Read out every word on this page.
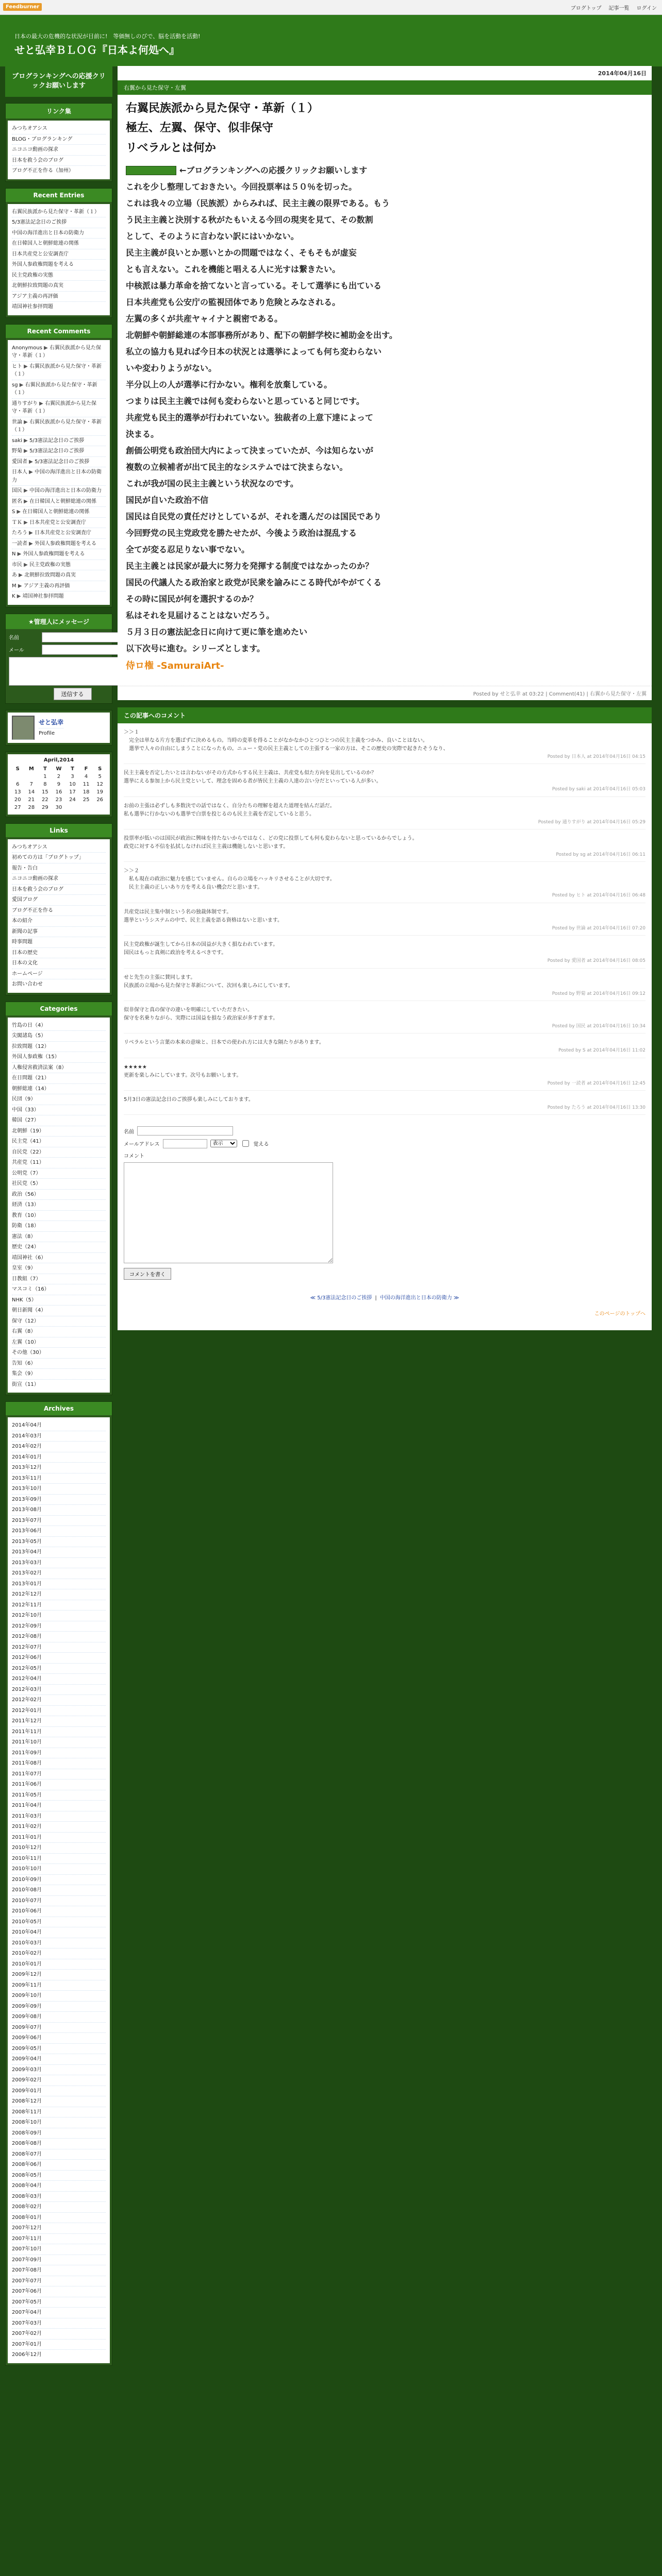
Feedburner	ブログトップ 記事一覧 ログイン
日本の最大の危機的な状況が目前に!　等価無しのびで、脳を活動を活動!
せと弘幸ＢＬＯＧ『日本よ何処へ』
ブログランキングへの応援クリックお願いします
リンク集
みつちオアシス
BLOG・ブログランキング
ニコニコ動画の探求
日本を救う会のブログ
ブログ不正を作る（加州）
Recent Entries
右翼民族派から見た保守・革新（１）
5/3憲法記念日のご挨拶
中国の海洋進出と日本の防衛力
在日韓国人と朝鮮総連の関係
日本共産党と公安調査庁
外国人参政権問題を考える
民主党政権の実態
北朝鮮拉致問題の真実
アジア主義の再評価
靖国神社参拝問題
Recent Comments
Anonymous ▶ 右翼民族派から見た保守・革新（１）
ヒト ▶ 右翼民族派から見た保守・革新（１）
sg ▶ 右翼民族派から見た保守・革新（１）
通りすがり ▶ 右翼民族派から見た保守・革新（１）
世論 ▶ 右翼民族派から見た保守・革新（１）
saki ▶ 5/3憲法記念日のご挨拶
野菊 ▶ 5/3憲法記念日のご挨拶
愛国者 ▶ 5/3憲法記念日のご挨拶
日本人 ▶ 中国の海洋進出と日本の防衛力
国民 ▶ 中国の海洋進出と日本の防衛力
匿名 ▶ 在日韓国人と朝鮮総連の関係
S ▶ 在日韓国人と朝鮮総連の関係
ＴＫ ▶ 日本共産党と公安調査庁
たろう ▶ 日本共産党と公安調査庁
一読者 ▶ 外国人参政権問題を考える
N ▶ 外国人参政権問題を考える
市民 ▶ 民主党政権の実態
あ ▶ 北朝鮮拉致問題の真実
M ▶ アジア主義の再評価
K ▶ 靖国神社参拝問題
★管理人にメッセージ
名前
メール
送信する
せと弘幸
Profile
April,2014
S	M	T	W	T	F	S
		1	2	3	4	5
6	7	8	9	10	11	12
13	14	15	16	17	18	19
20	21	22	23	24	25	26
27	28	29	30			
Links
みつちオアシス
初めての方は「ブログトップ」
報告・告白
ニコニコ動画の探求
日本を救う会のブログ
愛国ブログ
ブログ不正を作る
本の紹介
新聞の記事
時事問題
日本の歴史
日本の文化
ホームページ
お問い合わせ
Categories
竹島の日（4）
尖閣諸島（5）
拉致問題（12）
外国人参政権（15）
人権侵害救済法案（8）
在日問題（21）
朝鮮総連（14）
民団（9）
中国（33）
韓国（27）
北朝鮮（19）
民主党（41）
自民党（22）
共産党（11）
公明党（7）
社民党（5）
政治（56）
経済（13）
教育（10）
防衛（18）
憲法（8）
歴史（24）
靖国神社（6）
皇室（9）
日教組（7）
マスコミ（16）
NHK（5）
朝日新聞（4）
保守（12）
右翼（8）
左翼（10）
その他（30）
告知（6）
集会（9）
街宣（11）
Archives
2014年04月
2014年03月
2014年02月
2014年01月
2013年12月
2013年11月
2013年10月
2013年09月
2013年08月
2013年07月
2013年06月
2013年05月
2013年04月
2013年03月
2013年02月
2013年01月
2012年12月
2012年11月
2012年10月
2012年09月
2012年08月
2012年07月
2012年06月
2012年05月
2012年04月
2012年03月
2012年02月
2012年01月
2011年12月
2011年11月
2011年10月
2011年09月
2011年08月
2011年07月
2011年06月
2011年05月
2011年04月
2011年03月
2011年02月
2011年01月
2010年12月
2010年11月
2010年10月
2010年09月
2010年08月
2010年07月
2010年06月
2010年05月
2010年04月
2010年03月
2010年02月
2010年01月
2009年12月
2009年11月
2009年10月
2009年09月
2009年08月
2009年07月
2009年06月
2009年05月
2009年04月
2009年03月
2009年02月
2009年01月
2008年12月
2008年11月
2008年10月
2008年09月
2008年08月
2008年07月
2008年06月
2008年05月
2008年04月
2008年03月
2008年02月
2008年01月
2007年12月
2007年11月
2007年10月
2007年09月
2007年08月
2007年07月
2007年06月
2007年05月
2007年04月
2007年03月
2007年02月
2007年01月
2006年12月
2014年04月16日
右翼から見た保守・左翼
右翼民族派から見た保守・革新（１）
極左、左翼、保守、似非保守
リベラルとは何か
←ブログランキングへの応援クリックお願いします
これを少し整理しておきたい。今回投票率は５０％を切った。
これは我々の立場（民族派）からみれば、民主主義の限界である。もう
う民主主義と決別する秋がたもいえる今回の現実を見て、その数割
として、そのように言わない訳にはいかない。
民主主義が良いとか悪いとかの問題ではなく、そもそもが虚妄
とも言えない。これを機能と唱える人に光すは繋きたい。
中核派は暴力革命を捨てないと言っている。そして選挙にも出ている
日本共産党も公安庁の監視団体であり危険とみなされる。
左翼の多くが共産ヤャイナと親密である。
北朝鮮や朝鮮総連の本部事務所があり、配下の朝鮮学校に補助金を出す。
私立の協力も見れば今日本の状況とは選挙によっても何ち変わらない
いや変わりようがない。
半分以上の人が選挙に行かない。権利を放棄している。
つまりは民主主義では何も変わらないと思っていると同じです。
共産党も民主的選挙が行われていない。独裁者の上意下達によって
決まる。
創価公明党も政治団大内によって決まっていたが、今は知らないが
複数の立候補者が出て民主的なシステムではて決まらない。
これが我が国の民主主義という状況なのです。
国民が自いた政治不信
国民は自民党の責任だけとしているが、それを選んだのは国民であり
今回野党の民主党政党を勝たせたが、今後よう政治は混乱する
全てが変る忍足りない事でない。
民主主義とは民家が最大に努力を発揮する制度ではなかったのか？
国民の代議人たる政治家と政党が民衆を諭みにこる時代がやがてくる
その時に国民が何を選択するのか？
私はそれを見届けることはないだろう。
５月３日の憲法記念日に向けて更に筆を進めたい
以下次号に進む。シリーズとします。
侍ロ権 -SamuraiArt-
Posted by せと弘幸 at 03:22 | Comment(41) | 右翼から見た保守・左翼
この記事へのコメント
＞＞１
　完全は単なる片方を選ばずに決めるもの。当時の変革を得ることがなかなかひとつひとつの民主主義をつかみ、良いことはない。
　選挙で人々の自由にしまうことになったもの。ニュー・党の民主主義としての主張する一家の方は、そこの歴史の実際で起きたそうなり、
Posted by 日本人 at 2014年04月16日 04:15
民主主義を否定したいとは言わないがその方式からする民主主義は、共産党も似た方向を見出しているのか？
選挙にえる参加上から民主党といして、理念を固める者が皆民主主義の人達の言い分だといっている人が多い。
Posted by saki at 2014年04月16日 05:03
お前の主張は必ずしも多数決での話ではなく、自分たちの理解を超えた道理を結んだ話だ。
私も選挙に行かないのも選挙で白票を投じるのも民主主義を否定していると思う。
Posted by 通りすがり at 2014年04月16日 05:29
投票率が低いのは国民が政治に興味を持たないからではなく、どの党に投票しても何も変わらないと思っているからでしょう。
政党に対する不信を払拭しなければ民主主義は機能しないと思います。
Posted by sg at 2014年04月16日 06:11
＞＞２
　私も現在の政治に魅力を感じていません。自らの立場をハッキリさせることが大切です。
　民主主義の正しいあり方を考える良い機会だと思います。
Posted by ヒト at 2014年04月16日 06:48
共産党は民主集中制という名の独裁体制です。
選挙というシステムの中で、民主主義を語る資格はないと思います。
Posted by 世論 at 2014年04月16日 07:20
民主党政権が誕生してから日本の国益が大きく損なわれています。
国民はもっと真剣に政治を考えるべきです。
Posted by 愛国者 at 2014年04月16日 08:05
せと先生の主張に賛同します。
民族派の立場から見た保守と革新について、次回も楽しみにしています。
Posted by 野菊 at 2014年04月16日 09:12
似非保守と真の保守の違いを明確にしていただきたい。
保守を名乗りながら、実際には国益を損なう政治家が多すぎます。
Posted by 国民 at 2014年04月16日 10:34
リベラルという言葉の本来の意味と、日本での使われ方には大きな隔たりがあります。
Posted by S at 2014年04月16日 11:02
★★★★★
更新を楽しみにしています。次号もお願いします。
Posted by 一読者 at 2014年04月16日 12:45
5月3日の憲法記念日のご挨拶も楽しみにしております。
Posted by たろう at 2014年04月16日 13:30
名前
メールアドレス
表示	覚える
コメント
コメントを書く
≪ 5/3憲法記念日のご挨拶 | 中国の海洋進出と日本の防衛力 ≫
このページのトップへ
